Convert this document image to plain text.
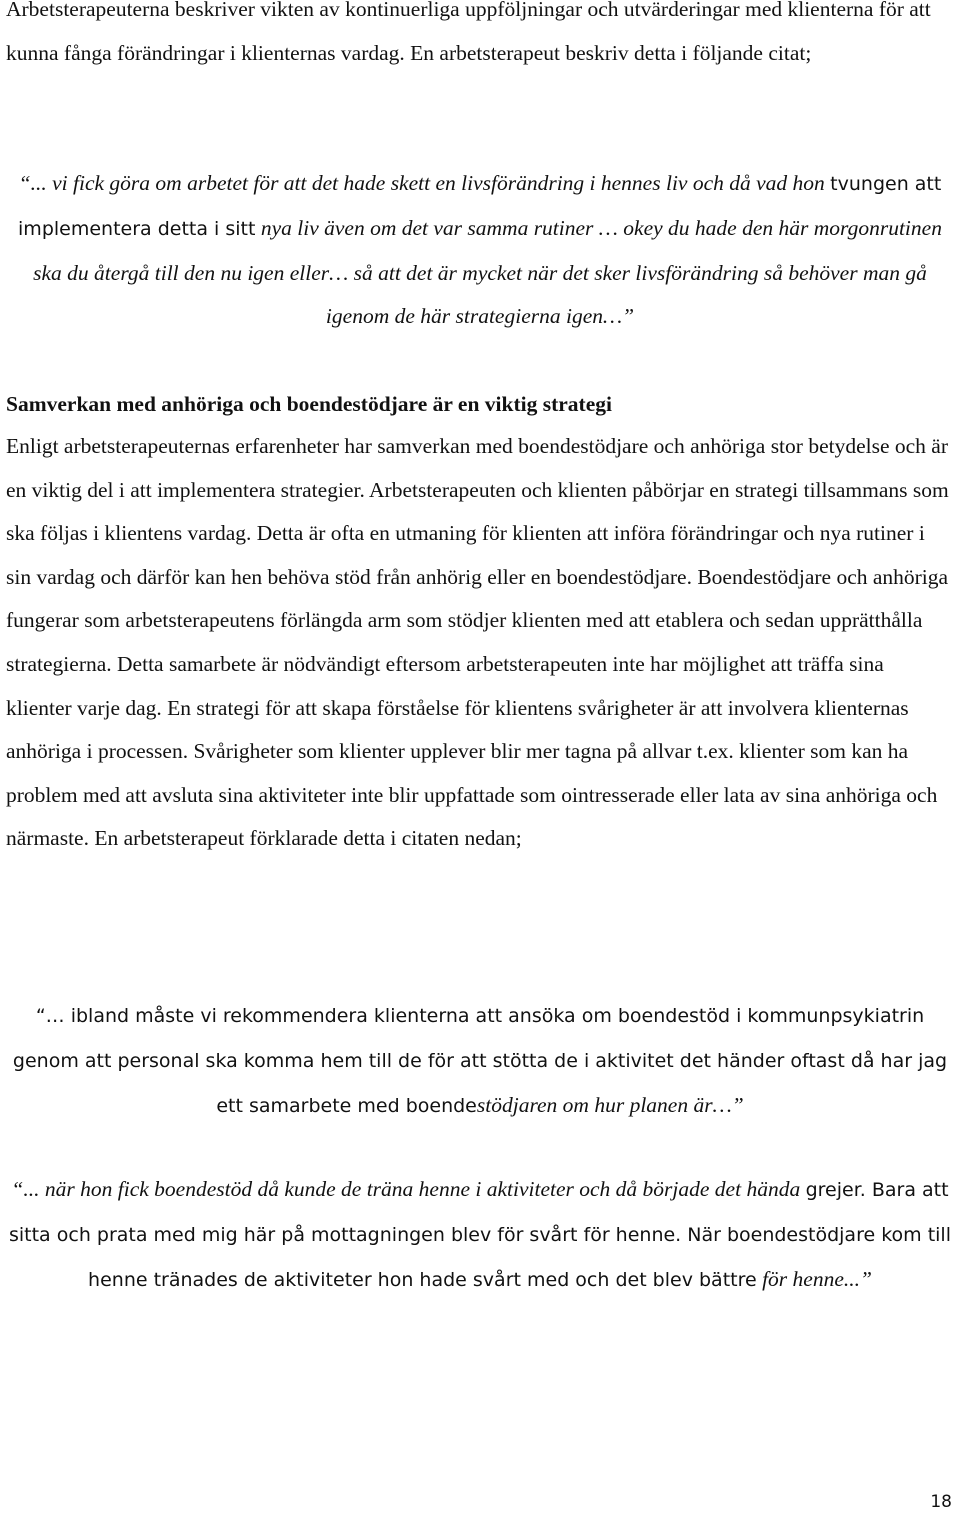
Arbetsterapeuterna beskriver vikten av kontinuerliga uppföljningar och utvärderingar med klienterna för att kunna fånga förändringar i klienternas vardag. En arbetsterapeut beskriv detta i följande citat;

“... vi fick göra om arbetet för att det hade skett en livsförändring i hennes liv och då vad hon tvungen att implementera detta i sitt nya liv även om det var samma rutiner … okey du hade den här morgonrutinen ska du återgå till den nu igen eller… så att det är mycket när det sker livsförändring så behöver man gå igenom de här strategierna igen…”

Samverkan med anhöriga och boendestödjare är en viktig strategi

Enligt arbetsterapeuternas erfarenheter har samverkan med boendestödjare och anhöriga stor betydelse och är en viktig del i att implementera strategier. Arbetsterapeuten och klienten påbörjar en strategi tillsammans som ska följas i klientens vardag. Detta är ofta en utmaning för klienten att införa förändringar och nya rutiner i sin vardag och därför kan hen behöva stöd från anhörig eller en boendestödjare. Boendestödjare och anhöriga fungerar som arbetsterapeutens förlängda arm som stödjer klienten med att etablera och sedan upprätthålla strategierna. Detta samarbete är nödvändigt eftersom arbetsterapeuten inte har möjlighet att träffa sina klienter varje dag. En strategi för att skapa förståelse för klientens svårigheter är att involvera klienternas anhöriga i processen. Svårigheter som klienter upplever blir mer tagna på allvar t.ex. klienter som kan ha problem med att avsluta sina aktiviteter inte blir uppfattade som ointresserade eller lata av sina anhöriga och närmaste. En arbetsterapeut förklarade detta i citaten nedan;

“… ibland måste vi rekommendera klienterna att ansöka om boendestöd i kommunpsykiatrin genom att personal ska komma hem till de för att stötta de i aktivitet det händer oftast då har jag ett samarbete med boendestödjaren om hur planen är…”

“... när hon fick boendestöd då kunde de träna henne i aktiviteter och då började det hända grejer. Bara att sitta och prata med mig här på mottagningen blev för svårt för henne. När boendestödjare kom till henne tränades de aktiviteter hon hade svårt med och det blev bättre för henne...”

18
